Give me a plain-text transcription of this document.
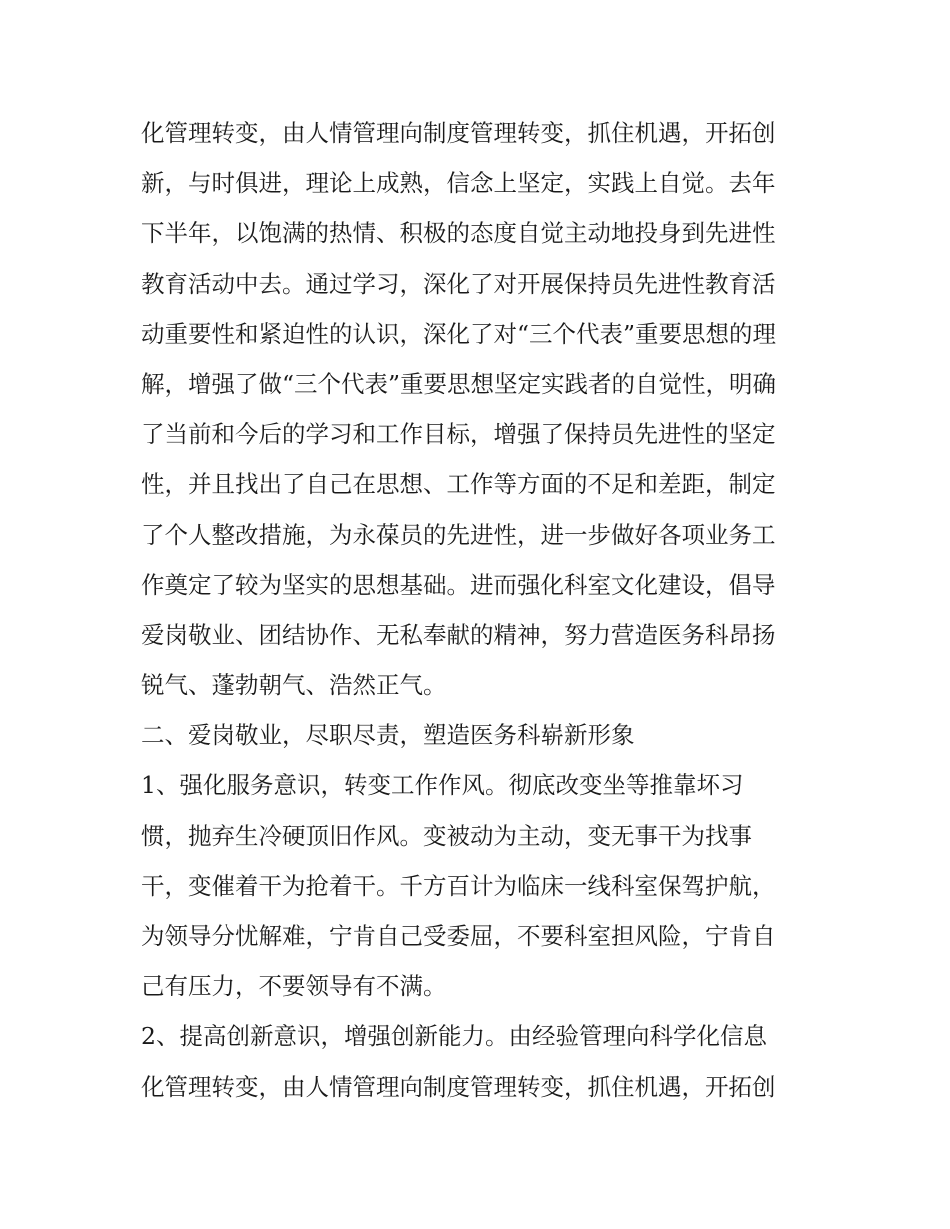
化管理转变，由人情管理向制度管理转变，抓住机遇，开拓创
新，与时俱进，理论上成熟，信念上坚定，实践上自觉。去年
下半年，以饱满的热情、积极的态度自觉主动地投身到先进性
教育活动中去。通过学习，深化了对开展保持员先进性教育活
动重要性和紧迫性的认识，深化了对“三个代表”重要思想的理
解，增强了做“三个代表”重要思想坚定实践者的自觉性，明确
了当前和今后的学习和工作目标，增强了保持员先进性的坚定
性，并且找出了自己在思想、工作等方面的不足和差距，制定
了个人整改措施，为永葆员的先进性，进一步做好各项业务工
作奠定了较为坚实的思想基础。进而强化科室文化建设，倡导
爱岗敬业、团结协作、无私奉献的精神，努力营造医务科昂扬
锐气、蓬勃朝气、浩然正气。
二、爱岗敬业，尽职尽责，塑造医务科崭新形象
1、强化服务意识，转变工作作风。彻底改变坐等推靠坏习
惯，抛弃生冷硬顶旧作风。变被动为主动，变无事干为找事
干，变催着干为抢着干。千方百计为临床一线科室保驾护航，
为领导分忧解难，宁肯自己受委屈，不要科室担风险，宁肯自
己有压力，不要领导有不满。
2、提高创新意识，增强创新能力。由经验管理向科学化信息
化管理转变，由人情管理向制度管理转变，抓住机遇，开拓创
